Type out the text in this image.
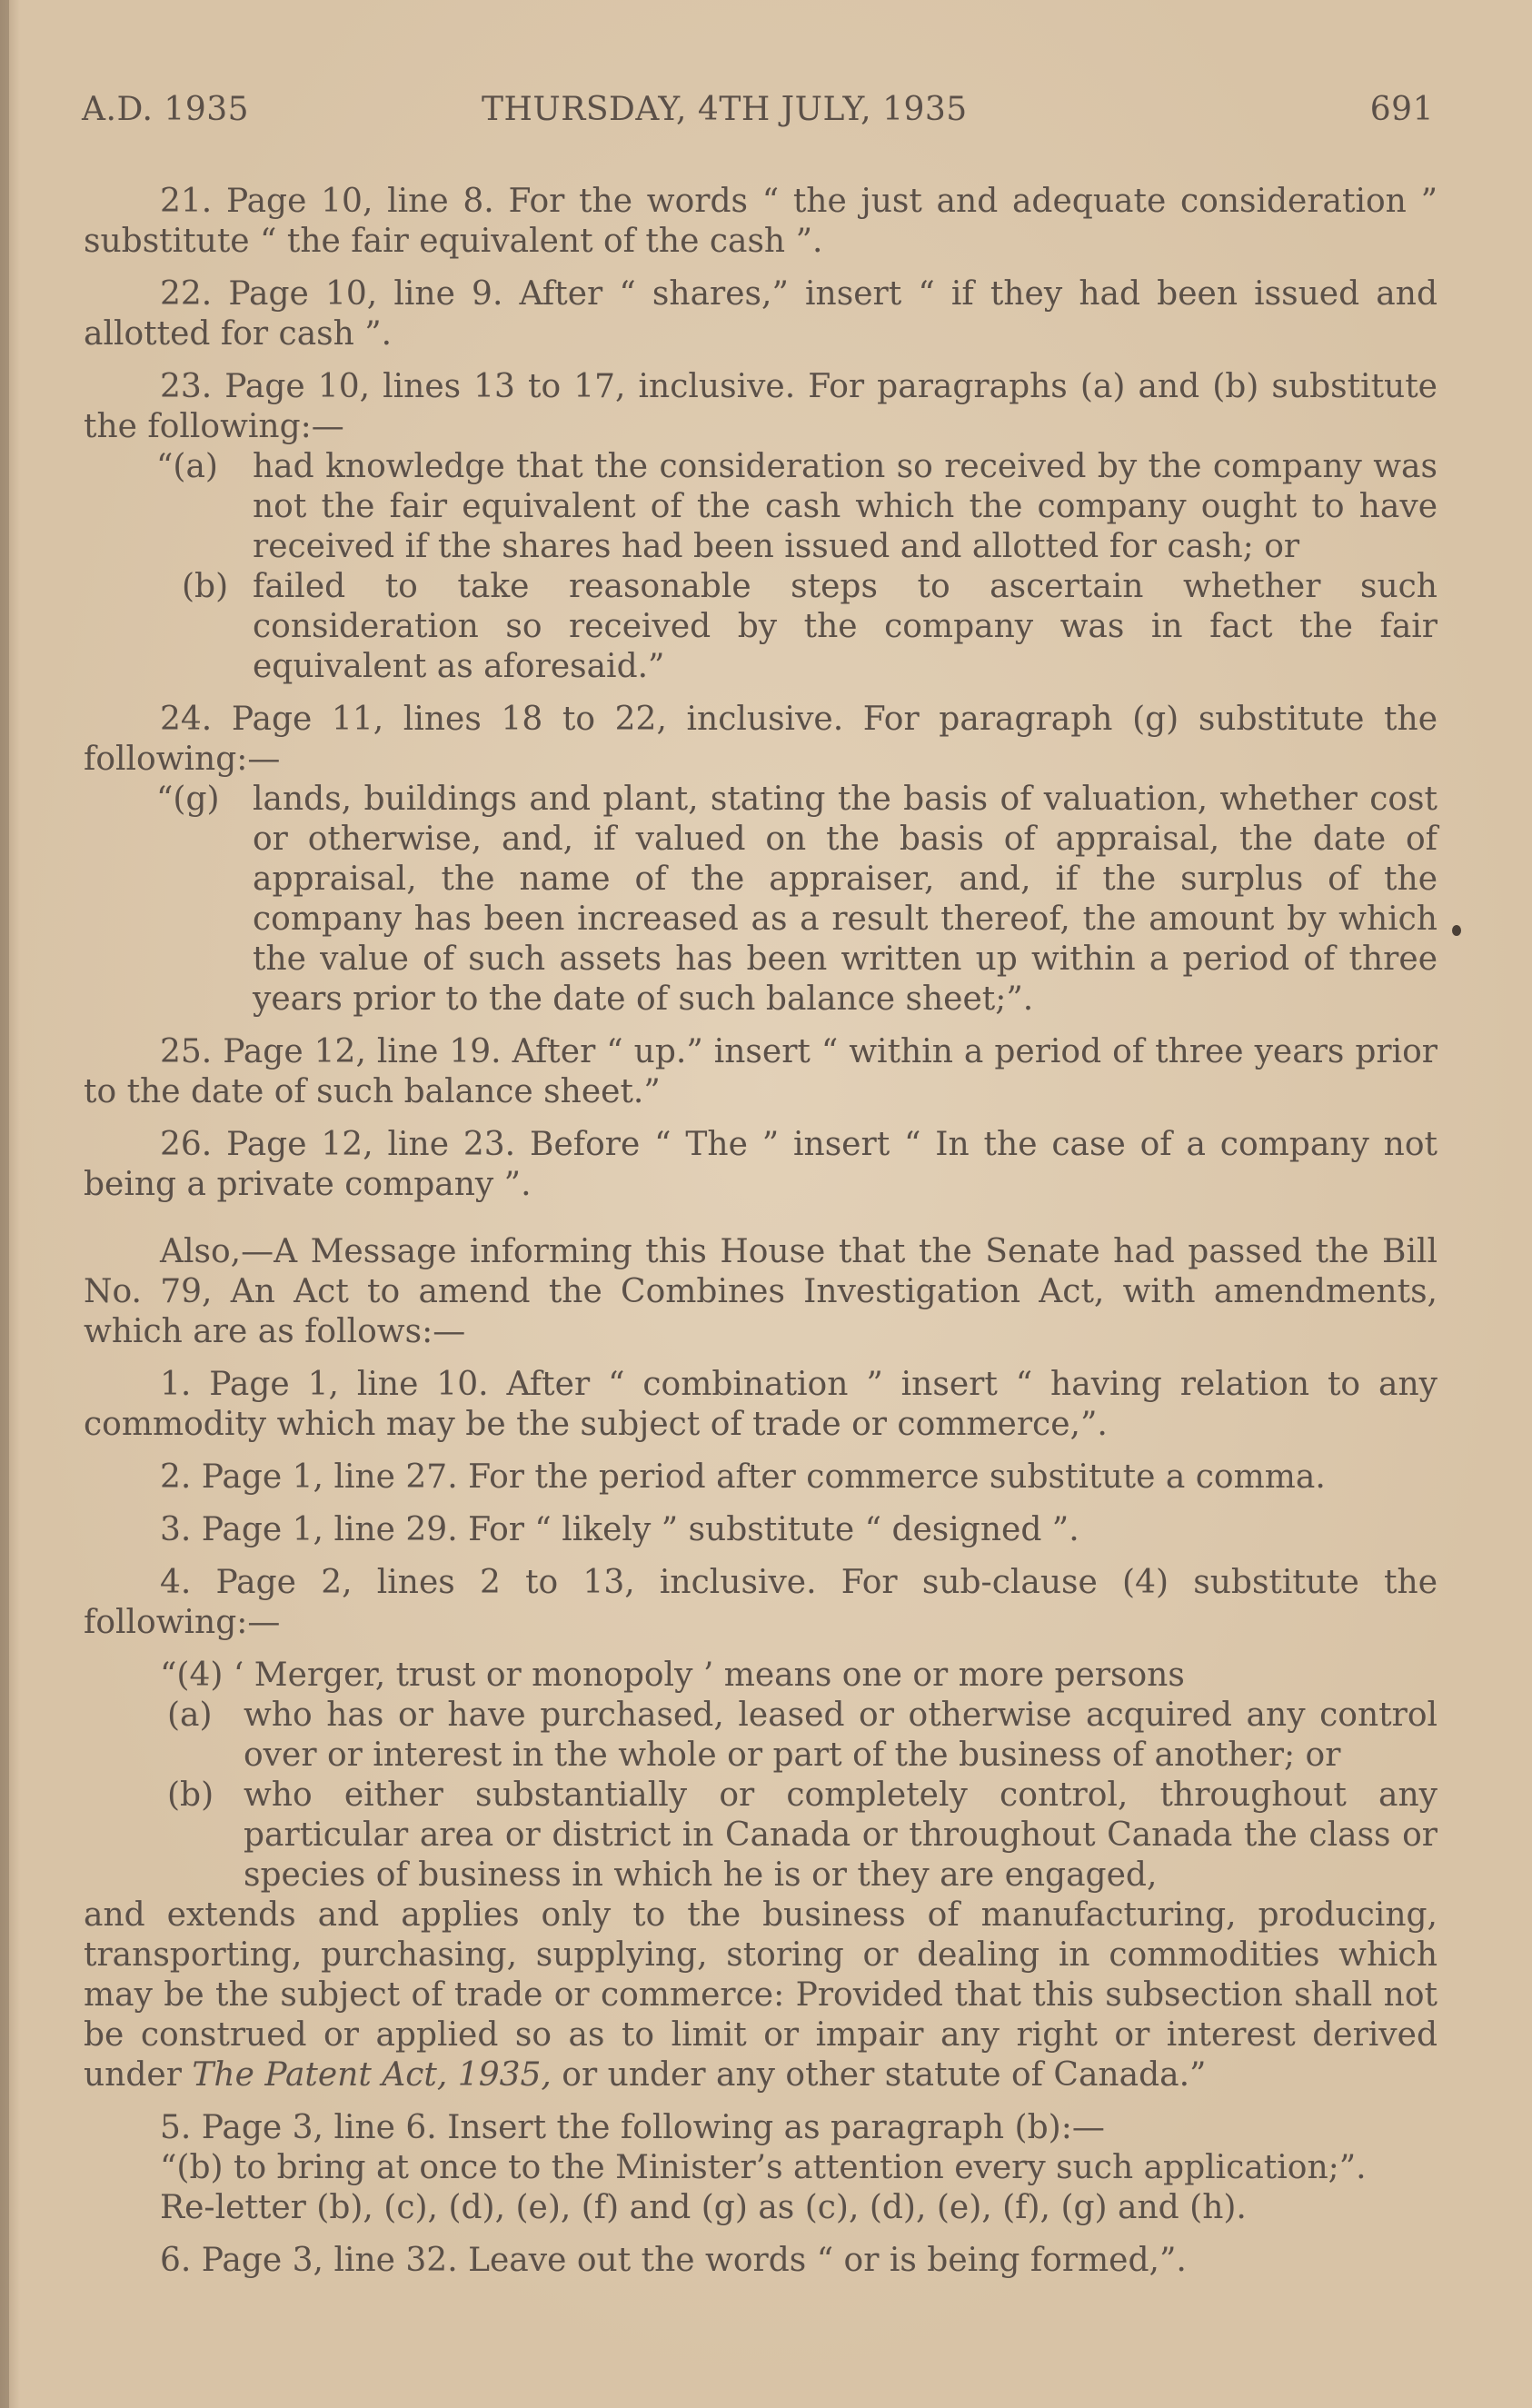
A.D. 1935	THURSDAY, 4TH JULY, 1935	691

21. Page 10, line 8. For the words “ the just and adequate consideration ” substitute “ the fair equivalent of the cash ”.

22. Page 10, line 9. After “ shares,” insert “ if they had been issued and allotted for cash ”.

23. Page 10, lines 13 to 17, inclusive. For paragraphs (a) and (b) substitute the following:—

“(a) had knowledge that the consideration so received by the company was not the fair equivalent of the cash which the company ought to have received if the shares had been issued and allotted for cash; or

(b) failed to take reasonable steps to ascertain whether such consideration so received by the company was in fact the fair equivalent as aforesaid.”

24. Page 11, lines 18 to 22, inclusive. For paragraph (g) substitute the following:—

“(g) lands, buildings and plant, stating the basis of valuation, whether cost or otherwise, and, if valued on the basis of appraisal, the date of appraisal, the name of the appraiser, and, if the surplus of the company has been increased as a result thereof, the amount by which the value of such assets has been written up within a period of three years prior to the date of such balance sheet;”.

25. Page 12, line 19. After “ up.” insert “ within a period of three years prior to the date of such balance sheet.”

26. Page 12, line 23. Before “ The ” insert “ In the case of a company not being a private company ”.

Also,—A Message informing this House that the Senate had passed the Bill No. 79, An Act to amend the Combines Investigation Act, with amendments, which are as follows:—

1. Page 1, line 10. After “ combination ” insert “ having relation to any commodity which may be the subject of trade or commerce,”.

2. Page 1, line 27. For the period after commerce substitute a comma.

3. Page 1, line 29. For “ likely ” substitute “ designed ”.

4. Page 2, lines 2 to 13, inclusive. For sub-clause (4) substitute the following:—

“(4) ‘ Merger, trust or monopoly ’ means one or more persons

(a) who has or have purchased, leased or otherwise acquired any control over or interest in the whole or part of the business of another; or

(b) who either substantially or completely control, throughout any particular area or district in Canada or throughout Canada the class or species of business in which he is or they are engaged,

and extends and applies only to the business of manufacturing, producing, transporting, purchasing, supplying, storing or dealing in commodities which may be the subject of trade or commerce: Provided that this subsection shall not be construed or applied so as to limit or impair any right or interest derived under The Patent Act, 1935, or under any other statute of Canada.”

5. Page 3, line 6. Insert the following as paragraph (b):—

“(b) to bring at once to the Minister’s attention every such application;”.

Re-letter (b), (c), (d), (e), (f) and (g) as (c), (d), (e), (f), (g) and (h).

6. Page 3, line 32. Leave out the words “ or is being formed,”.
